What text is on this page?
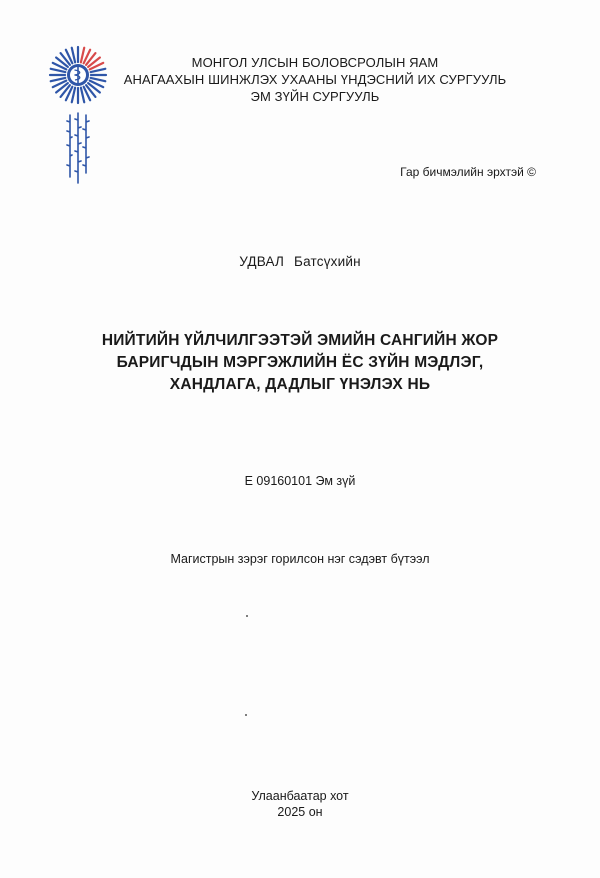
МОНГОЛ УЛСЫН БОЛОВСРОЛЫН ЯАМ
АНАГААХЫН ШИНЖЛЭХ УХААНЫ ҮНДЭСНИЙ ИХ СУРГУУЛЬ
ЭМ ЗҮЙН СУРГУУЛЬ
Гар бичмэлийн эрхтэй ©
УДВАЛ Батсүхийн
НИЙТИЙН ҮЙЛЧИЛГЭЭТЭЙ ЭМИЙН САНГИЙН ЖОР
БАРИГЧДЫН МЭРГЭЖЛИЙН ЁС ЗҮЙН МЭДЛЭГ,
ХАНДЛАГА, ДАДЛЫГ ҮНЭЛЭХ НЬ
Е 09160101 Эм зүй
Магистрын зэрэг горилсон нэг сэдэвт бүтээл
Улаанбаатар хот
2025 он
